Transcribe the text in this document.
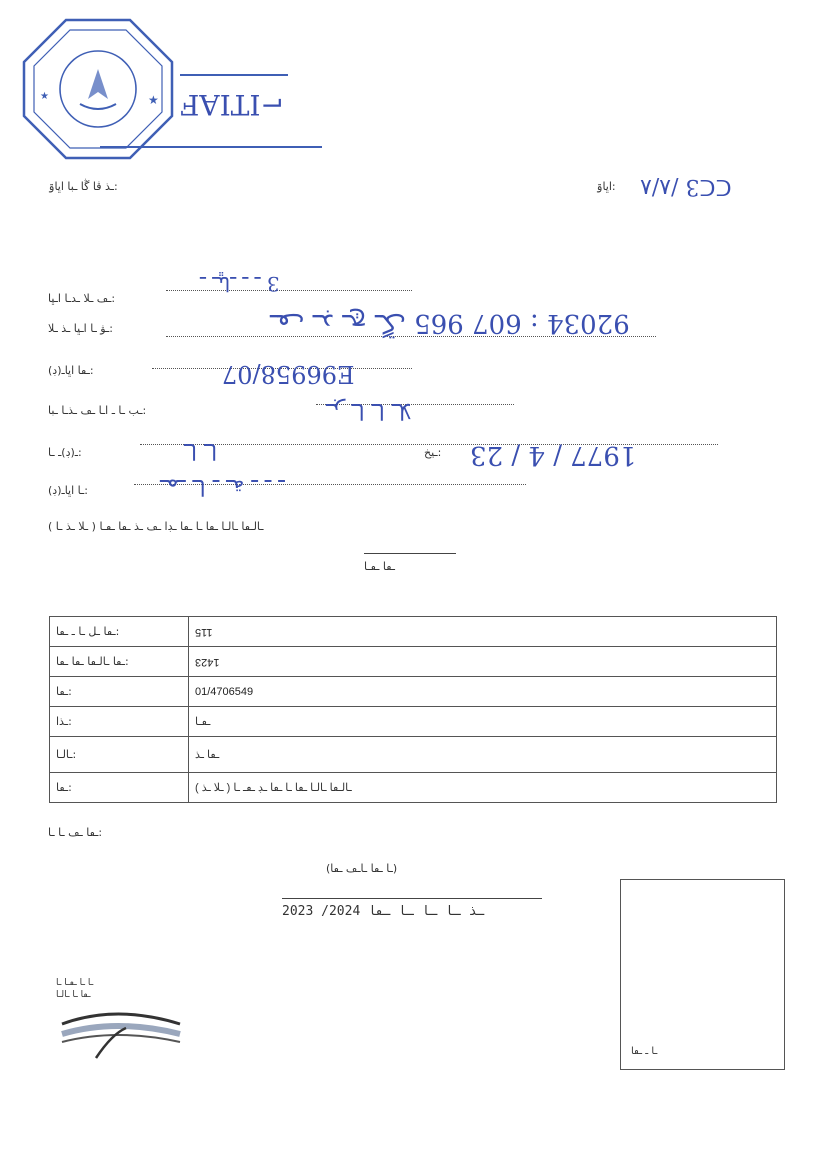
★
★	⌐ITIAF
ـذ ڤا ڴا ـبا اڀاۊ:	اڀاۊ:	ᑕᑕ3 /٨/٨
ـڡ ـلا ـدـا اـڀا:
3 ـ ـڀاـ ـ ـ
ـۋ ـا اـڀا ـذ ـلا:	92034 : ـڡ ـڊ ـڄ ـڱ 965 607
ـڡا اڀاـ(ڊ):	E96958/07
ـب ـا ـ اـا ـڡ ـذـا ـبا:	ـڔ ـا ـا ـلا
ـ(ڊ)ـ ـا:	ـا ـا	ـيخ: 1977 / 4 / 23
ـا اڀاـ(ڊ):	ـمـ ـا ـ ـة ـ ـ ـ
( ـلا ـذ ـا ) ـالـڡا ـالـا ـڡا ـا ـڡا ـڊا ـڡ ـذ ـڡا ـڡـا
ـڡا ـڡـا
ـڡا ـل ـا ـ ـڡا:	115
ـڡا ـالـڡا ـڡا ـڡا:	1423
ـڡا:	01/4706549
ـذا:	ـڡـا
ـالـا:	ـڡا ـذ
ـڡا:	( ـلا ـذ ) ـالـڡا ـالـا ـڡا ـا ـڡا ـڊ ـڡـ ـا
ـڡا ـڡ ـا ـا:
(ـا ـڡا ـاـڡ ـڡا)
2023 /2024 ـذ ـا ـا ـا ـڡا
ـا ـ ـڡا
ـا ـا ـڡـا ـا
ـڡا ـا ـالـا
